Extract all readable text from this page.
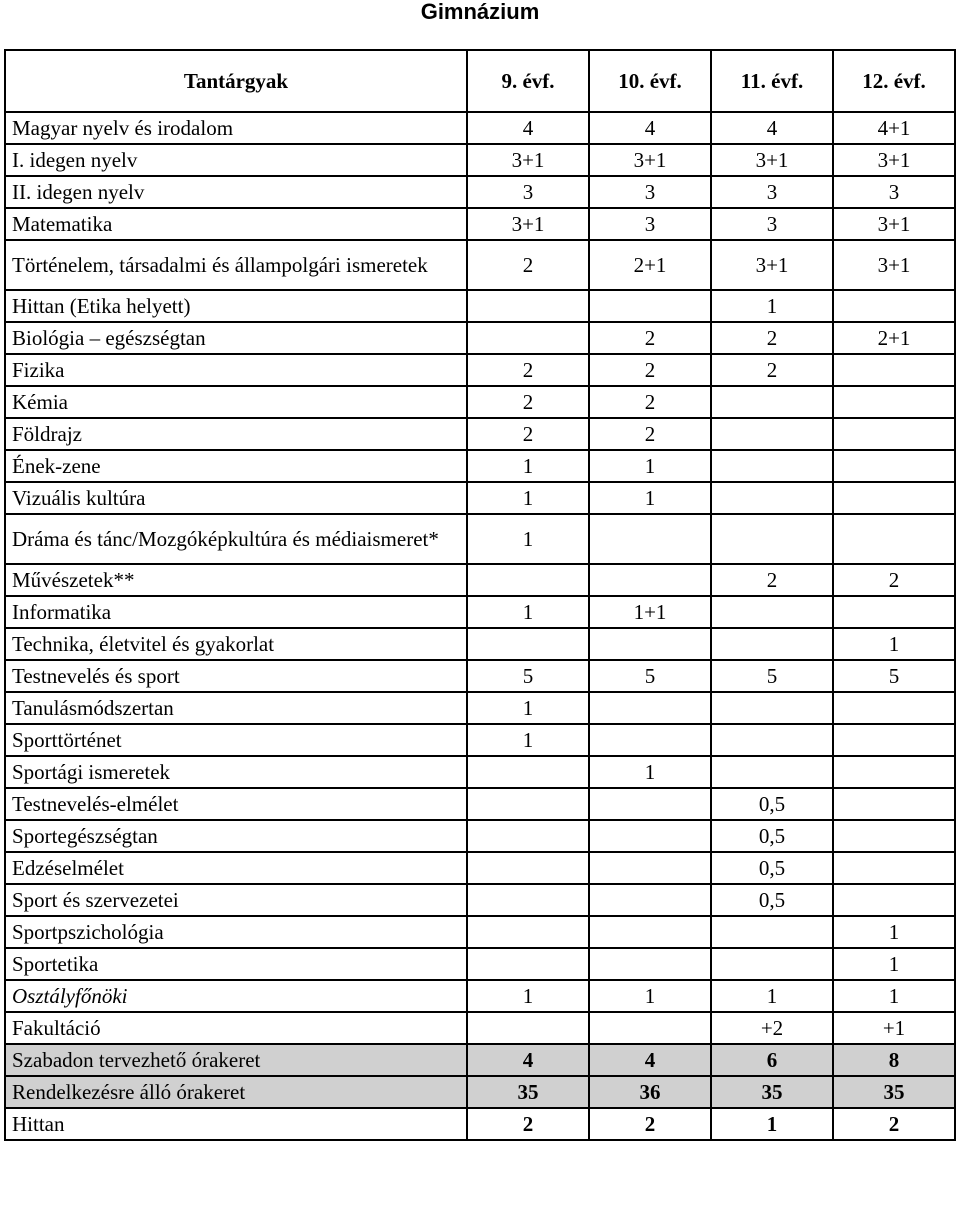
Gimnázium
Tantárgyak	9. évf.	10. évf.	11. évf.	12. évf.
Magyar nyelv és irodalom	4	4	4	4+1
I. idegen nyelv	3+1	3+1	3+1	3+1
II. idegen nyelv	3	3	3	3
Matematika	3+1	3	3	3+1
Történelem, társadalmi és állampolgári ismeretek	2	2+1	3+1	3+1
Hittan (Etika helyett)			1	
Biológia – egészségtan		2	2	2+1
Fizika	2	2	2	
Kémia	2	2		
Földrajz	2	2		
Ének-zene	1	1		
Vizuális kultúra	1	1		
Dráma és tánc/Mozgóképkultúra és médiaismeret*	1			
Művészetek**			2	2
Informatika	1	1+1		
Technika, életvitel és gyakorlat				1
Testnevelés és sport	5	5	5	5
Tanulásmódszertan	1			
Sporttörténet	1			
Sportági ismeretek		1		
Testnevelés-elmélet			0,5	
Sportegészségtan			0,5	
Edzéselmélet			0,5	
Sport és szervezetei			0,5	
Sportpszichológia				1
Sportetika				1
Osztályfőnöki	1	1	1	1
Fakultáció			+2	+1
Szabadon tervezhető órakeret	4	4	6	8
Rendelkezésre álló órakeret	35	36	35	35
Hittan	2	2	1	2
